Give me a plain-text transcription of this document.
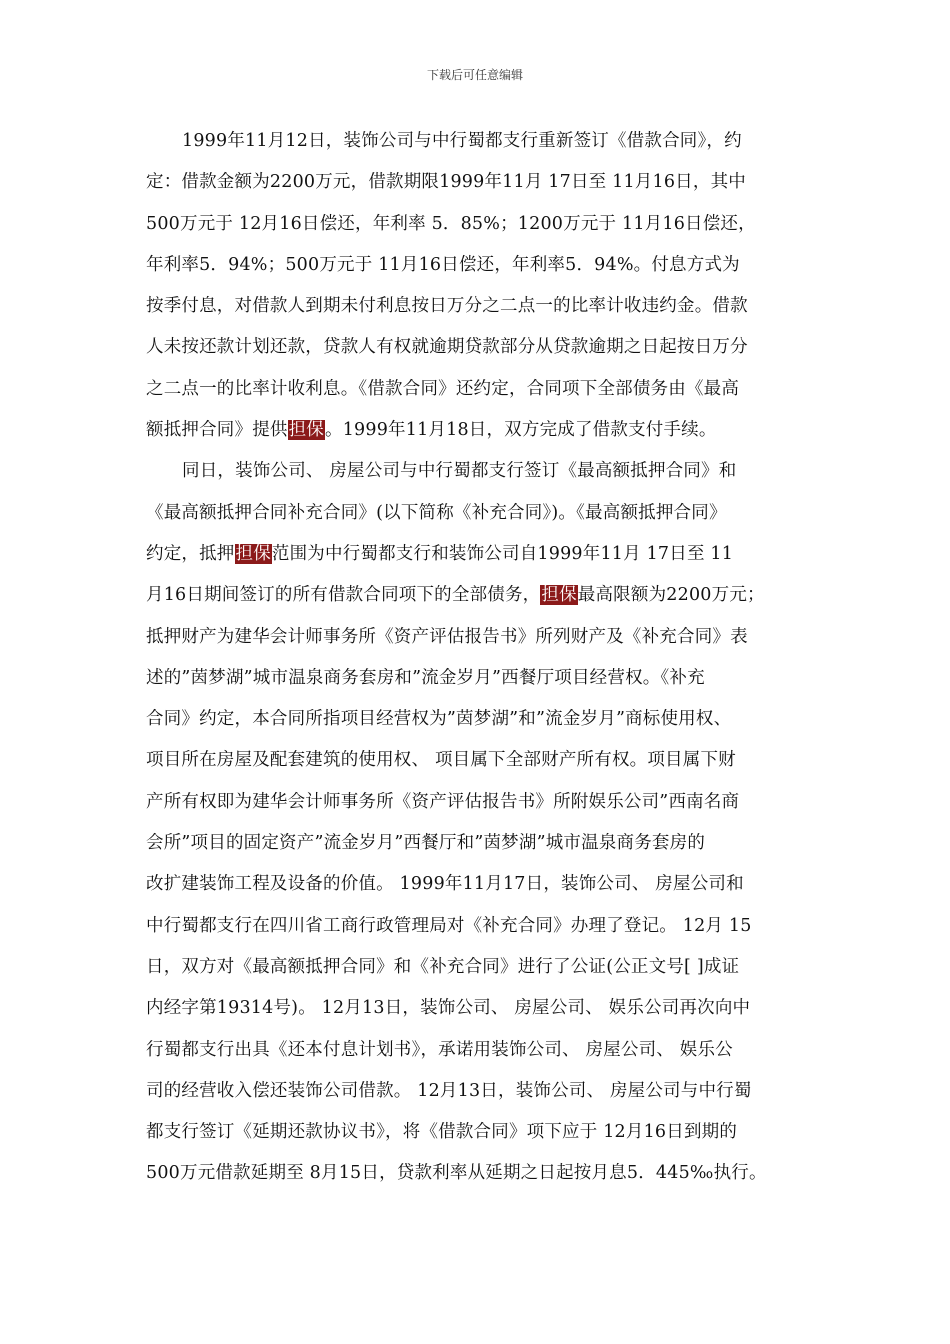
下载后可任意编辑
1999年11月12日，装饰公司与中行蜀都支行重新签订《借款合同》，约
定：借款金额为2200万元，借款期限1999年11月 17日至 11月16日，其中
500万元于 12月16日偿还，年利率 5．85%；1200万元于 11月16日偿还，
年利率5．94%；500万元于 11月16日偿还，年利率5．94%。付息方式为
按季付息，对借款人到期未付利息按日万分之二点一的比率计收违约金。借款
人未按还款计划还款，贷款人有权就逾期贷款部分从贷款逾期之日起按日万分
之二点一的比率计收利息。《借款合同》还约定，合同项下全部债务由《最高
额抵押合同》提供担保。1999年11月18日，双方完成了借款支付手续。
同日，装饰公司、 房屋公司与中行蜀都支行签订《最高额抵押合同》和
《最高额抵押合同补充合同》(以下简称《补充合同》)。《最高额抵押合同》
约定，抵押担保范围为中行蜀都支行和装饰公司自1999年11月 17日至 11
月16日期间签订的所有借款合同项下的全部债务，担保最高限额为2200万元；
抵押财产为建华会计师事务所《资产评估报告书》所列财产及《补充合同》表
述的”茵梦湖”城市温泉商务套房和”流金岁月”西餐厅项目经营权。《补充
合同》约定，本合同所指项目经营权为”茵梦湖”和”流金岁月”商标使用权、
项目所在房屋及配套建筑的使用权、 项目属下全部财产所有权。项目属下财
产所有权即为建华会计师事务所《资产评估报告书》所附娱乐公司”西南名商
会所”项目的固定资产”流金岁月”西餐厅和”茵梦湖”城市温泉商务套房的
改扩建装饰工程及设备的价值。 1999年11月17日，装饰公司、 房屋公司和
中行蜀都支行在四川省工商行政管理局对《补充合同》办理了登记。 12月 15
日，双方对《最高额抵押合同》和《补充合同》进行了公证(公正文号[ ]成证
内经字第19314号)。 12月13日，装饰公司、 房屋公司、 娱乐公司再次向中
行蜀都支行出具《还本付息计划书》，承诺用装饰公司、 房屋公司、 娱乐公
司的经营收入偿还装饰公司借款。 12月13日，装饰公司、 房屋公司与中行蜀
都支行签订《延期还款协议书》，将《借款合同》项下应于 12月16日到期的
500万元借款延期至 8月15日，贷款利率从延期之日起按月息5．445‰执行。
